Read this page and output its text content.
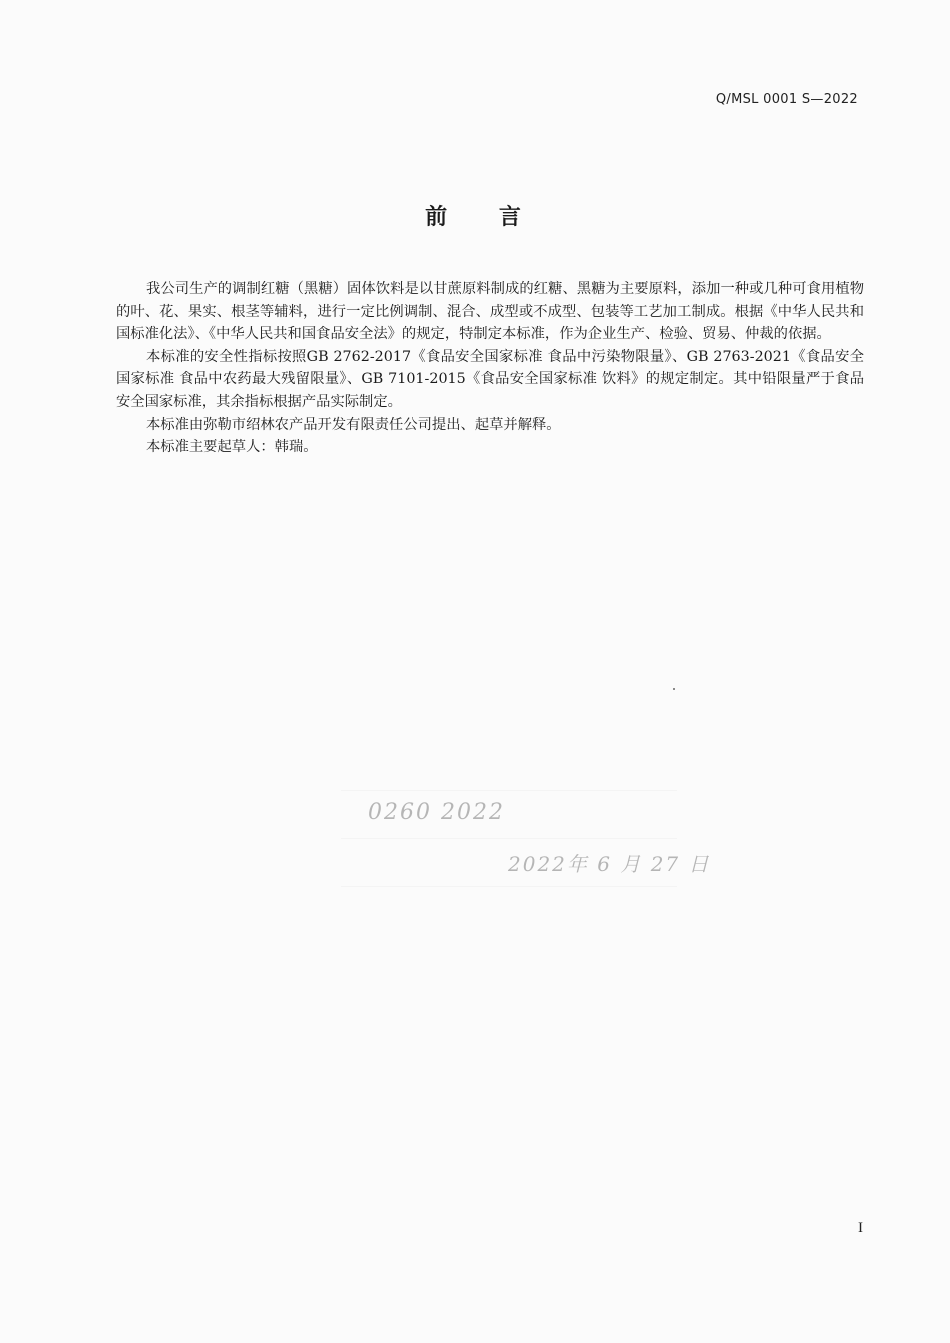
Q/MSL 0001 S—2022
前 言

我公司生产的调制红糖（黑糖）固体饮料是以甘蔗原料制成的红糖、黑糖为主要原料，添加一种或几种可食用植物的叶、花、果实、根茎等辅料，进行一定比例调制、混合、成型或不成型、包装等工艺加工制成。根据《中华人民共和国标准化法》、《中华人民共和国食品安全法》的规定，特制定本标准，作为企业生产、检验、贸易、仲裁的依据。

本标准的安全性指标按照GB 2762-2017《食品安全国家标准 食品中污染物限量》、GB 2763-2021《食品安全国家标准 食品中农药最大残留限量》、GB 7101-2015《食品安全国家标准 饮料》的规定制定。其中铅限量严于食品安全国家标准，其余指标根据产品实际制定。

本标准由弥勒市绍林农产品开发有限责任公司提出、起草并解释。

本标准主要起草人：韩瑞。

0260 2022
2022年 6 月 27 日
I
